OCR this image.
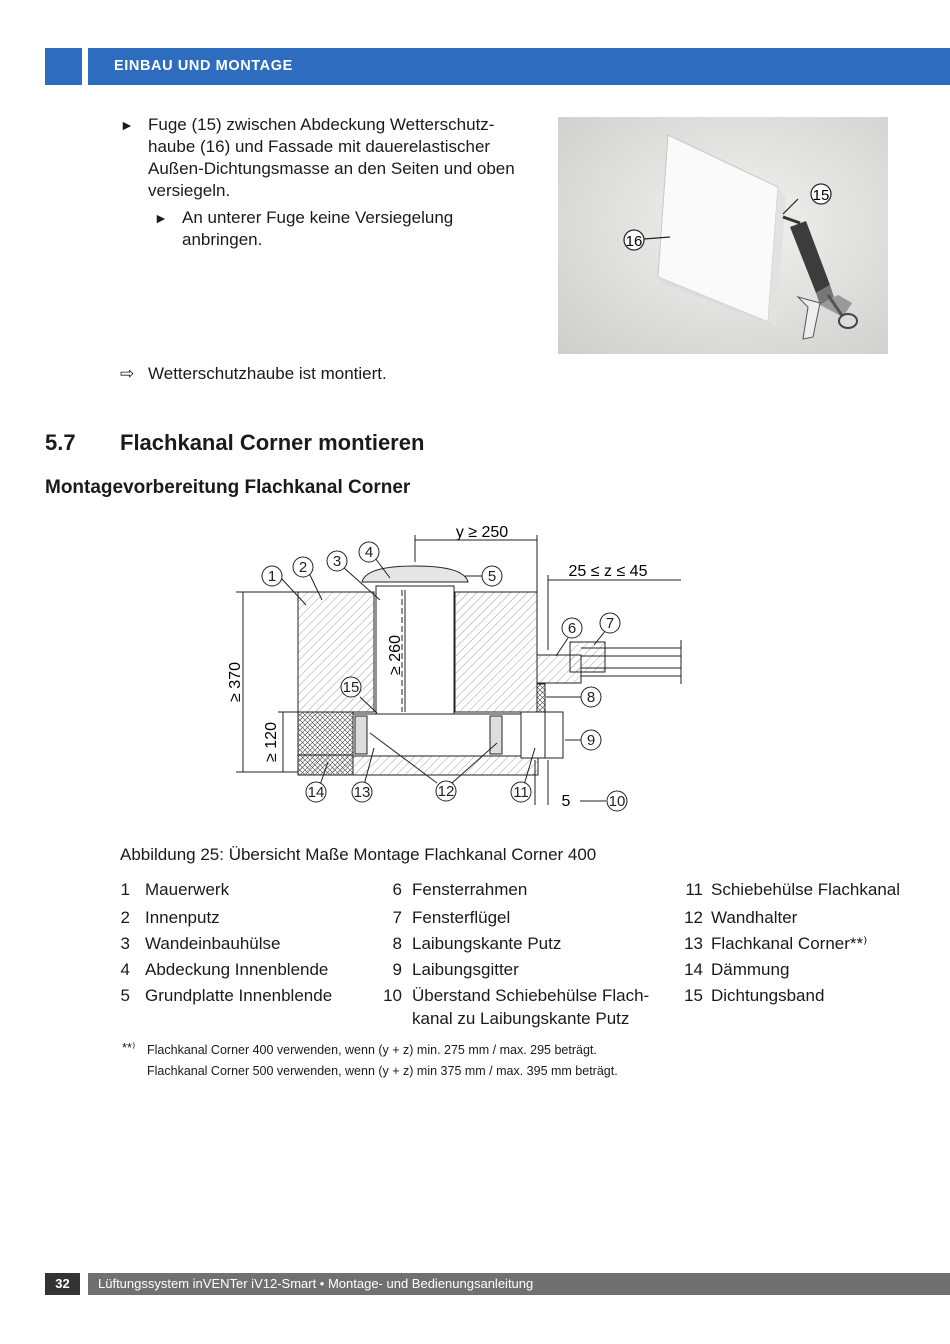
EINBAU UND MONTAGE
► Fuge (15) zwischen Abdeckung Wetterschutz-
haube (16) und Fassade mit dauerelastischer
Außen-Dichtungsmasse an den Seiten und oben
versiegeln.
► An unterer Fuge keine Versiegelung
anbringen.
⇨ Wetterschutzhaube ist montiert.
16
15
5.7 Flachkanal Corner montieren
Montagevorbereitung Flachkanal Corner
y ≥ 250
25 ≤ z ≤ 45
5
≥ 370
≥ 120
≥ 260
1
2 3
4
5
6 7
8
9
10
11
12
13
14
15
Abbildung 25: Übersicht Maße Montage Flachkanal Corner 400
1 Mauerwerk
2 Innenputz
3 Wandeinbauhülse
4 Abdeckung Innenblende
5 Grundplatte Innenblende
6 Fensterrahmen
7 Fensterflügel
8 Laibungskante Putz
9 Laibungsgitter
10 Überstand Schiebehülse Flach-
kanal zu Laibungskante Putz
11 Schiebehülse Flachkanal
12 Wandhalter
13 Flachkanal Corner**⁾
14 Dämmung
15 Dichtungsband
**⁾ Flachkanal Corner 400 verwenden, wenn (y + z) min. 275 mm / max. 295 beträgt.
Flachkanal Corner 500 verwenden, wenn (y + z) min 375 mm / max. 395 mm beträgt.
32	Lüftungssystem inVENTer iV12-Smart • Montage- und Bedienungsanleitung
